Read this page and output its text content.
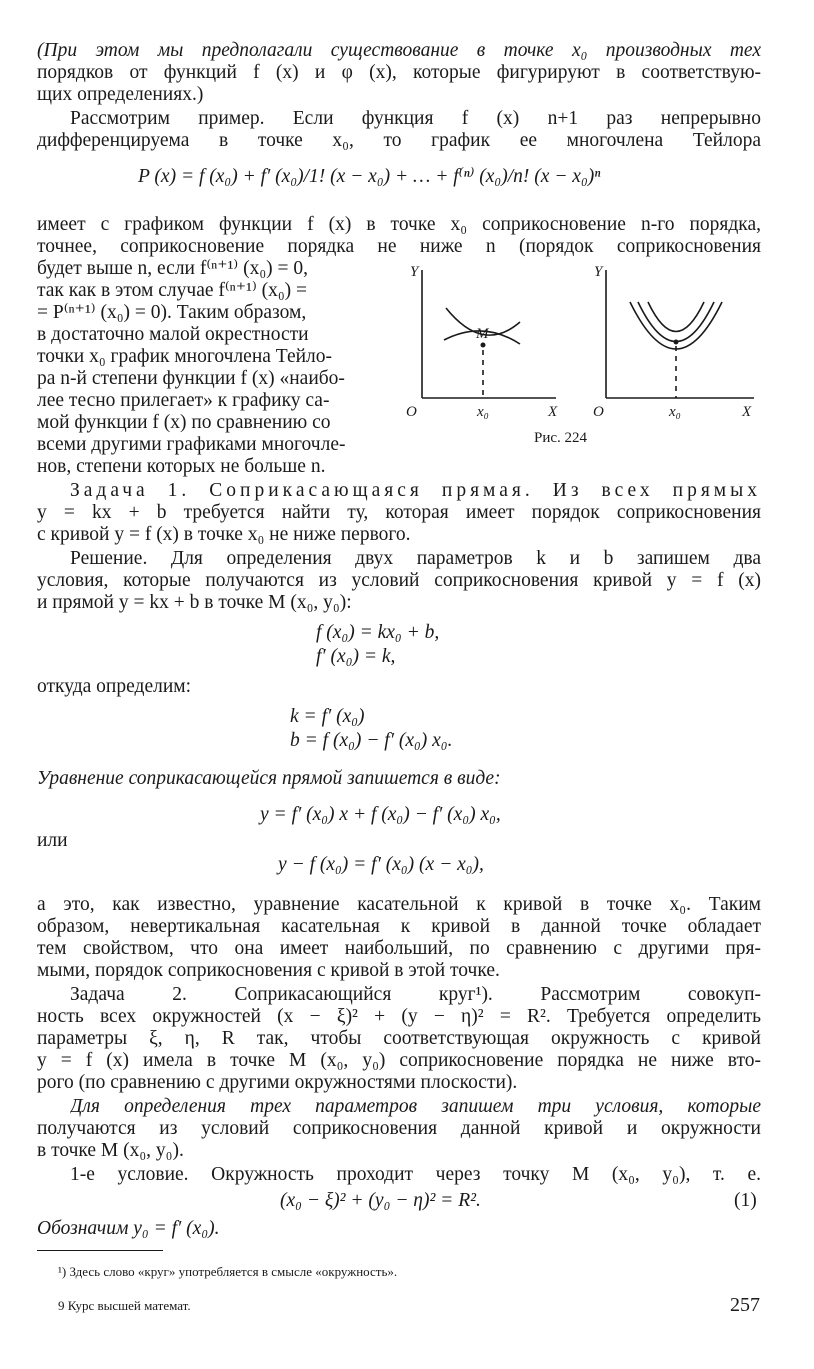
(При этом мы предполагали существование в точке x₀ производных тех
порядков от функций f (x) и φ (x), которые фигурируют в соответствую-
щих определениях.)
Рассмотрим пример. Если функция f (x) n+1 раз непрерывно
дифференцируема в точке x₀, то график ее многочлена Тейлора
P (x) = f (x₀) + f′ (x₀)/1! (x − x₀) + … + f⁽ⁿ⁾ (x₀)/n! (x − x₀)ⁿ
имеет с графиком функции f (x) в точке x₀ соприкосновение n-го порядка,
точнее, соприкосновение порядка не ниже n (порядок соприкосновения
будет выше n, если f⁽ⁿ⁺¹⁾ (x₀) = 0,
так как в этом случае f⁽ⁿ⁺¹⁾ (x₀) =
= P⁽ⁿ⁺¹⁾ (x₀) = 0). Таким образом,
в достаточно малой окрестности
точки x₀ график многочлена Тейло-
ра n-й степени функции f (x) «наибо-
лее тесно прилегает» к графику са-
мой функции f (x) по сравнению со
всеми другими графиками многочле-
нов, степени которых не больше n.
Y
O	x₀	X
M
Y
O	x₀	X
Рис. 224
Задача 1. Соприкасающаяся прямая. Из всех прямых
y = kx + b требуется найти ту, которая имеет порядок соприкосновения
с кривой y = f (x) в точке x₀ не ниже первого.
Решение. Для определения двух параметров k и b запишем два
условия, которые получаются из условий соприкосновения кривой y = f (x)
и прямой y = kx + b в точке M (x₀, y₀):
f (x₀) = kx₀ + b,
f′ (x₀) = k,
откуда определим:
k = f′ (x₀)
b = f (x₀) − f′ (x₀) x₀.
Уравнение соприкасающейся прямой запишется в виде:
y = f′ (x₀) x + f (x₀) − f′ (x₀) x₀,
или
y − f (x₀) = f′ (x₀) (x − x₀),
а это, как известно, уравнение касательной к кривой в точке x₀. Таким
образом, невертикальная касательная к кривой в данной точке обладает
тем свойством, что она имеет наибольший, по сравнению с другими пря-
мыми, порядок соприкосновения с кривой в этой точке.
Задача 2. Соприкасающийся круг¹). Рассмотрим совокуп-
ность всех окружностей (x − ξ)² + (y − η)² = R². Требуется определить
параметры ξ, η, R так, чтобы соответствующая окружность с кривой
y = f (x) имела в точке M (x₀, y₀) соприкосновение порядка не ниже вто-
рого (по сравнению с другими окружностями плоскости).
Для определения трех параметров запишем три условия, которые
получаются из условий соприкосновения данной кривой и окружности
в точке M (x₀, y₀).
1-е условие. Окружность проходит через точку M (x₀, y₀), т. е.
(x₀ − ξ)² + (y₀ − η)² = R².	(1)
Обозначим y₀ = f′ (x₀).
¹) Здесь слово «круг» употребляется в смысле «окружность».
9 Курс высшей математ.	257
